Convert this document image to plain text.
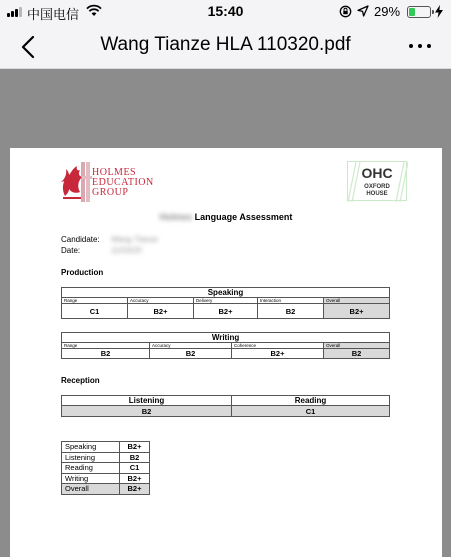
中国电信	15:40	29%
Wang Tianze HLA 110320.pdf
HOLMES
EDUCATION
GROUP
OHC
OXFORD
HOUSE
Holmes Language Assessment
Candidate: Wang Tianze
Date:	11/03/20
Production
Speaking				
Range	Accuracy	Delivery	Interaction	Overall
C1	B2+	B2+	B2	B2+
Writing			
Range	Accuracy	Coherence	Overall
B2	B2	B2+	B2
Reception
Listening	Reading
B2	C1
Speaking	B2+
Listening	B2
Reading	C1
Writing	B2+
Overall	B2+
